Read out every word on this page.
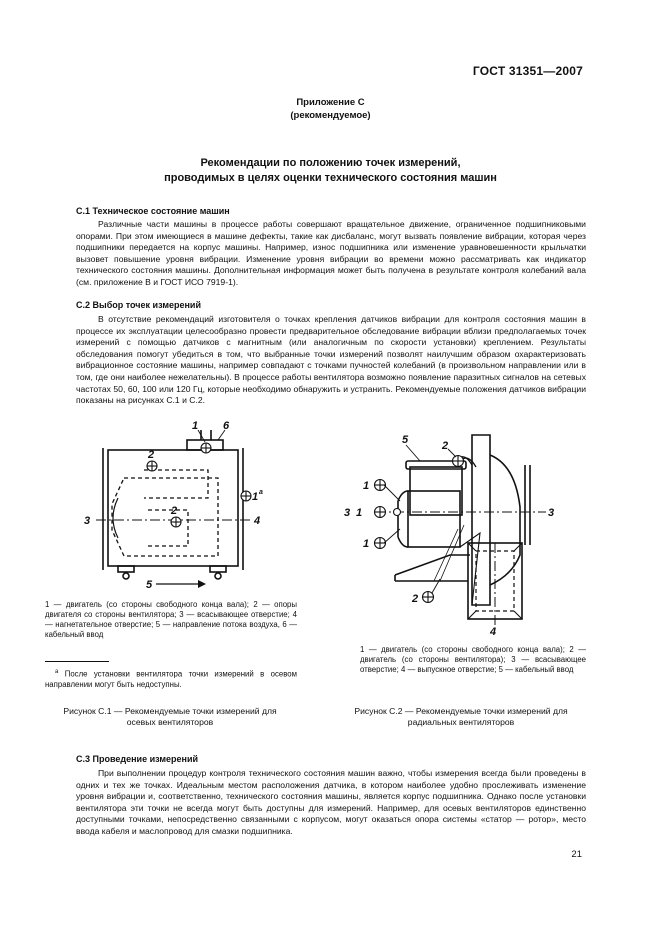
ГОСТ 31351—2007
Приложение С
(рекомендуемое)
Рекомендации по положению точек измерений,
проводимых в целях оценки технического состояния машин
С.1 Техническое состояние машин
Различные части машины в процессе работы совершают вращательное движение, ограниченное подшипниковыми опорами. При этом имеющиеся в машине дефекты, такие как дисбаланс, могут вызвать появление вибрации, которая через подшипники передается на корпус машины. Например, износ подшипника или изменение уравновешенности крыльчатки вызовет повышение уровня вибрации. Изменение уровня вибрации во времени можно рассматривать как индикатор технического состояния машины. Дополнительная информация может быть получена в результате контроля колебаний вала (см. приложение В и ГОСТ ИСО 7919-1).
С.2 Выбор точек измерений
В отсутствие рекомендаций изготовителя о точках крепления датчиков вибрации для контроля состояния машин в процессе их эксплуатации целесообразно провести предварительное обследование вибрации вблизи предполагаемых точек измерений с помощью датчиков с магнитным (или аналогичным по скорости установки) креплением. Результаты обследования помогут убедиться в том, что выбранные точки измерений позволят наилучшим образом охарактеризовать вибрационное состояние машины, например совпадают с точками пучностей колебаний (в произвольном направлении или в том, где они наиболее нежелательны). В процессе работы вентилятора возможно появление паразитных сигналов на сетевых частотах 50, 60, 100 или 120 Гц, которые необходимо обнаружить и устранить. Рекомендуемые положения датчиков вибрации показаны на рисунках С.1 и С.2.
1 6
2
2
1 a
3	4
5
1 — двигатель (со стороны свободного конца вала); 2 — опоры двигателя со стороны вентилятора; 3 — всасывающее отверстие; 4 — нагнетательное отверстие; 5 — направление потока воздуха, 6 — кабельный ввод
$^а$ После установки вентилятора точки измерений в осевом направлении могут быть недоступны.
Рисунок С.1 — Рекомендуемые точки измерений для
осевых вентиляторов
5	2
1
1
1
3	3
2
4
1 — двигатель (со стороны свободного конца вала); 2 — двигатель (со стороны вентилятора); 3 — всасывающее отверстие; 4 — выпускное отверстие; 5 — кабельный ввод
Рисунок С.2 — Рекомендуемые точки измерений для
радиальных вентиляторов
С.3 Проведение измерений
При выполнении процедур контроля технического состояния машин важно, чтобы измерения всегда были проведены в одних и тех же точках. Идеальным местом расположения датчика, в котором наиболее удобно прослеживать изменение уровня вибрации и, соответственно, технического состояния машины, является корпус подшипника. Однако после установки вентилятора эти точки не всегда могут быть доступны для измерений. Например, для осевых вентиляторов единственно доступными точками, непосредственно связанными с корпусом, могут оказаться опора системы «статор — ротор», место ввода кабеля и маслопровод для смазки подшипника.
21
